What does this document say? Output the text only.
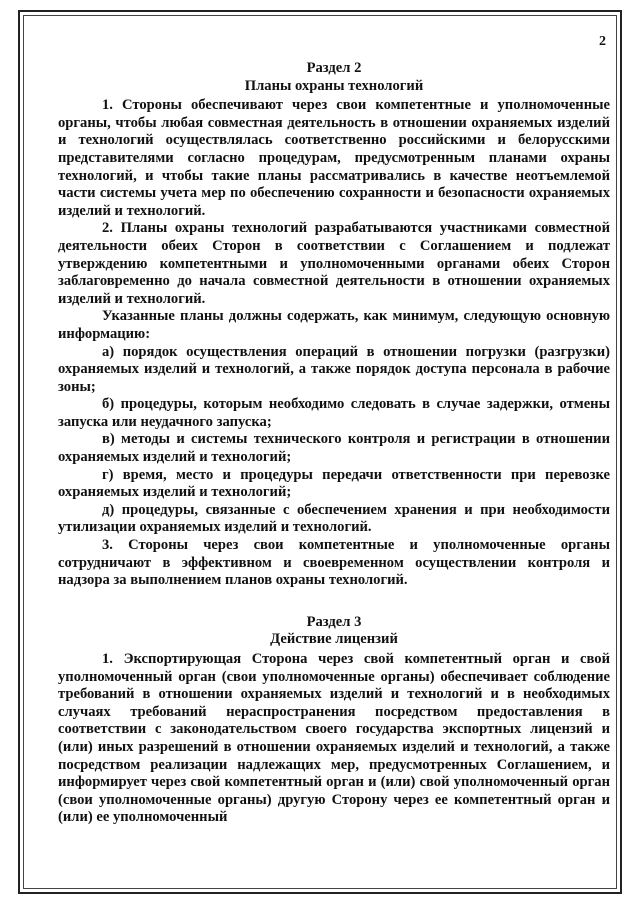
2
Раздел 2
Планы охраны технологий

1. Стороны обеспечивают через свои компетентные и уполномоченные органы, чтобы любая совместная деятельность в отношении охраняемых изделий и технологий осуществлялась соответственно российскими и белорусскими представителями согласно процедурам, предусмотренным планами охраны технологий, и чтобы такие планы рассматривались в качестве неотъемлемой части системы учета мер по обеспечению сохранности и безопасности охраняемых изделий и технологий.

2. Планы охраны технологий разрабатываются участниками совместной деятельности обеих Сторон в соответствии с Соглашением и подлежат утверждению компетентными и уполномоченными органами обеих Сторон заблаговременно до начала совместной деятельности в отношении охраняемых изделий и технологий.

Указанные планы должны содержать, как минимум, следующую основную информацию:

а) порядок осуществления операций в отношении погрузки (разгрузки) охраняемых изделий и технологий, а также порядок доступа персонала в рабочие зоны;

б) процедуры, которым необходимо следовать в случае задержки, отмены запуска или неудачного запуска;

в) методы и системы технического контроля и регистрации в отношении охраняемых изделий и технологий;

г) время, место и процедуры передачи ответственности при перевозке охраняемых изделий и технологий;

д) процедуры, связанные с обеспечением хранения и при необходимости утилизации охраняемых изделий и технологий.

3. Стороны через свои компетентные и уполномоченные органы сотрудничают в эффективном и своевременном осуществлении контроля и надзора за выполнением планов охраны технологий.

Раздел 3
Действие лицензий

1. Экспортирующая Сторона через свой компетентный орган и свой уполномоченный орган (свои уполномоченные органы) обеспечивает соблюдение требований в отношении охраняемых изделий и технологий и в необходимых случаях требований нераспространения посредством предоставления в соответствии с законодательством своего государства экспортных лицензий и (или) иных разрешений в отношении охраняемых изделий и технологий, а также посредством реализации надлежащих мер, предусмотренных Соглашением, и информирует через свой компетентный орган и (или) свой уполномоченный орган (свои уполномоченные органы) другую Сторону через ее компетентный орган и (или) ее уполномоченный
